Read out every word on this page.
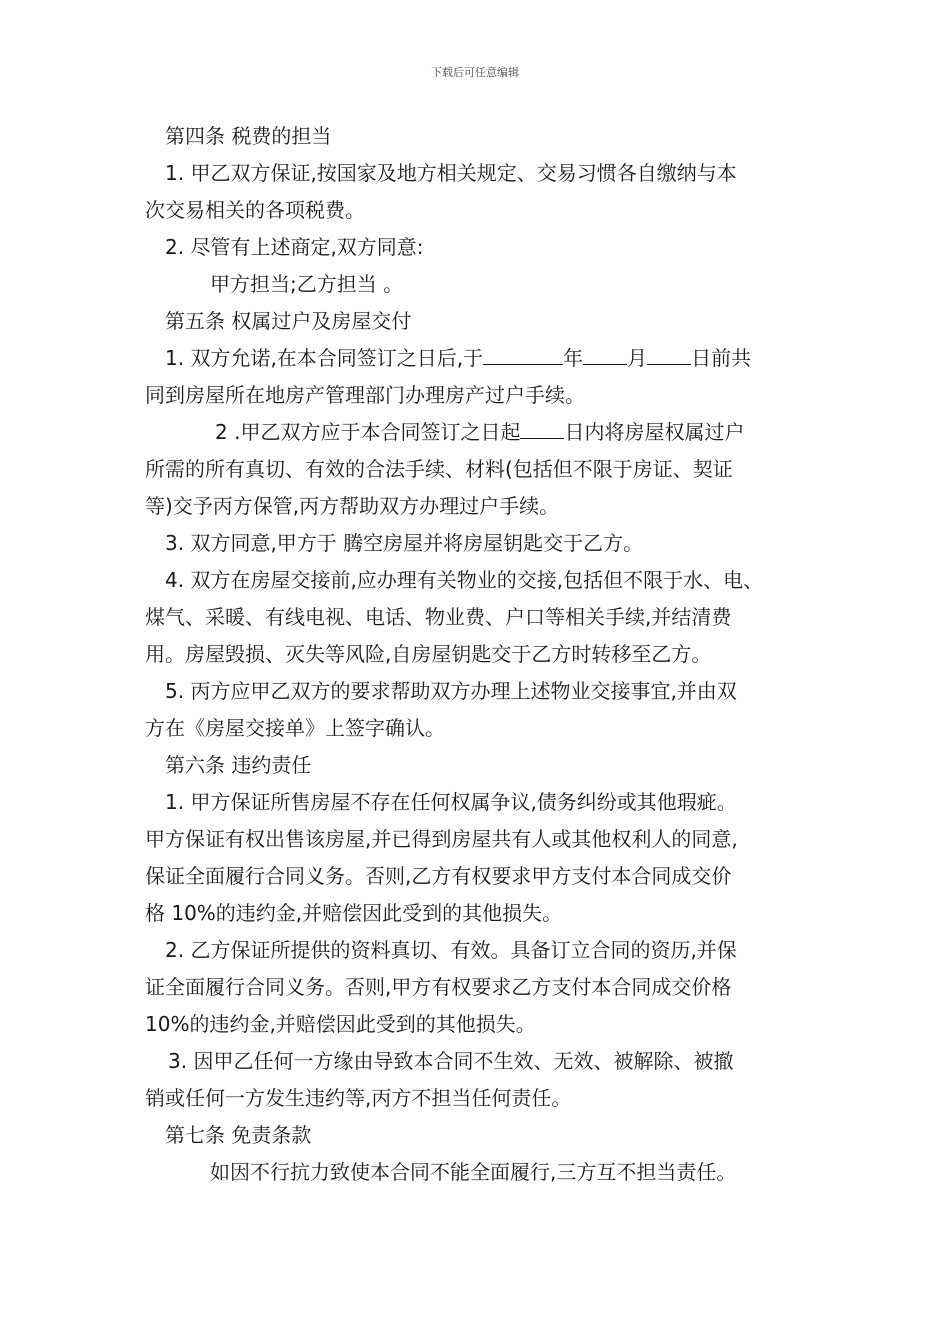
下载后可任意编辑
第四条 税费的担当
1. 甲乙双方保证,按国家及地方相关规定、交易习惯各自缴纳与本
次交易相关的各项税费。
2. 尽管有上述商定,双方同意:
甲方担当;乙方担当 。
第五条 权属过户及房屋交付
1. 双方允诺,在本合同签订之日后,于	年 月 日前共
同到房屋所在地房产管理部门办理房产过户手续。
2 .甲乙双方应于本合同签订之日起 日内将房屋权属过户
所需的所有真切、有效的合法手续、材料(包括但不限于房证、契证
等)交予丙方保管,丙方帮助双方办理过户手续。
3. 双方同意,甲方于 腾空房屋并将房屋钥匙交于乙方。
4. 双方在房屋交接前,应办理有关物业的交接,包括但不限于水、电、
煤气、采暖、有线电视、电话、物业费、户口等相关手续,并结清费
用。房屋毁损、灭失等风险,自房屋钥匙交于乙方时转移至乙方。
5. 丙方应甲乙双方的要求帮助双方办理上述物业交接事宜,并由双
方在《房屋交接单》上签字确认。
第六条 违约责任
1. 甲方保证所售房屋不存在任何权属争议,债务纠纷或其他瑕疵。
甲方保证有权出售该房屋,并已得到房屋共有人或其他权利人的同意,
保证全面履行合同义务。否则,乙方有权要求甲方支付本合同成交价
格 10%的违约金,并赔偿因此受到的其他损失。
2. 乙方保证所提供的资料真切、有效。具备订立合同的资历,并保
证全面履行合同义务。否则,甲方有权要求乙方支付本合同成交价格
10%的违约金,并赔偿因此受到的其他损失。
3. 因甲乙任何一方缘由导致本合同不生效、无效、被解除、被撤
销或任何一方发生违约等,丙方不担当任何责任。
第七条 免责条款
如因不行抗力致使本合同不能全面履行,三方互不担当责任。
